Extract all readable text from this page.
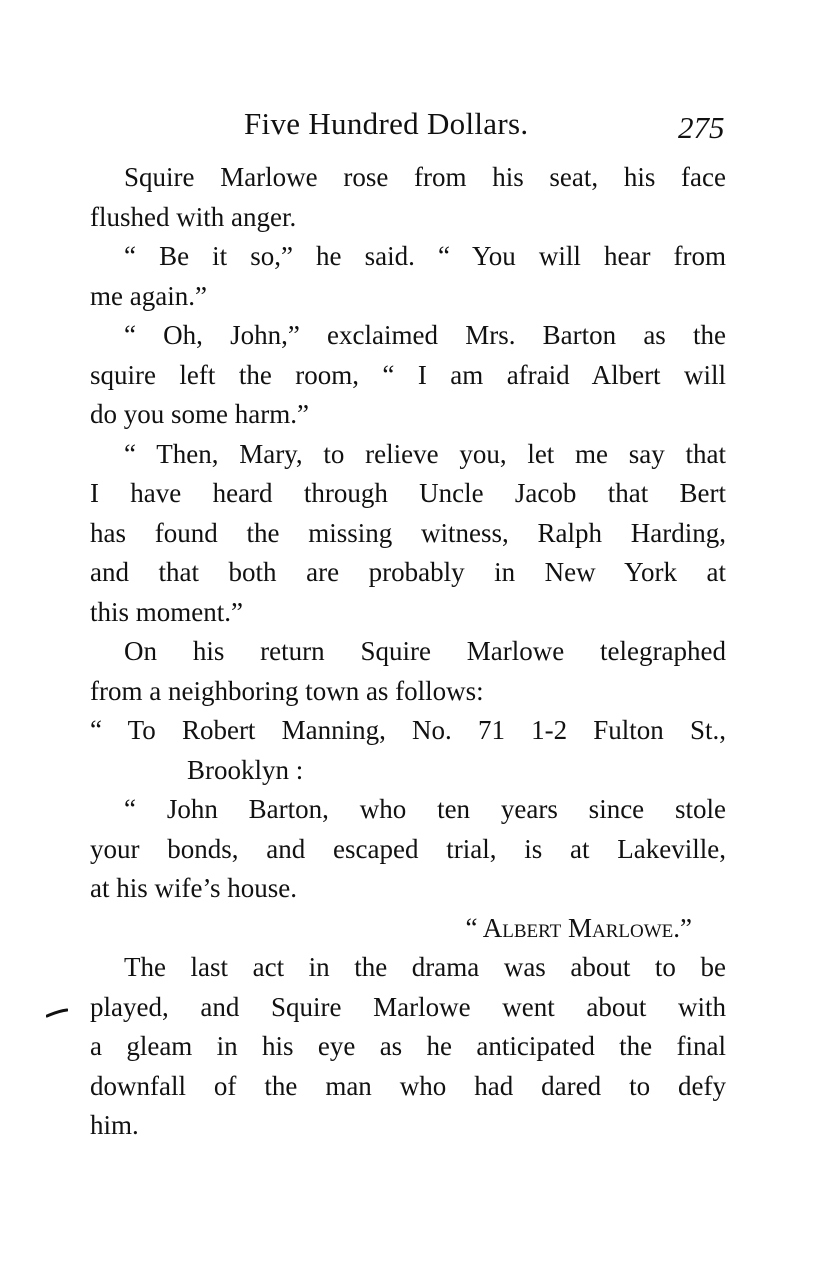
Five Hundred Dollars.	275
Squire Marlowe rose from his seat, his face
flushed with anger.
“ Be it so,” he said. “ You will hear from
me again.”
“ Oh, John,” exclaimed Mrs. Barton as the
squire left the room, “ I am afraid Albert will
do you some harm.”
“ Then, Mary, to relieve you, let me say that
I have heard through Uncle Jacob that Bert
has found the missing witness, Ralph Harding,
and that both are probably in New York at
this moment.”
On his return Squire Marlowe telegraphed
from a neighboring town as follows:
“ To Robert Manning, No. 71 1-2 Fulton St.,
Brooklyn :
“ John Barton, who ten years since stole
your bonds, and escaped trial, is at Lakeville,
at his wife’s house.
“ Albert Marlowe.”
The last act in the drama was about to be
played, and Squire Marlowe went about with
a gleam in his eye as he anticipated the final
downfall of the man who had dared to defy
him.
